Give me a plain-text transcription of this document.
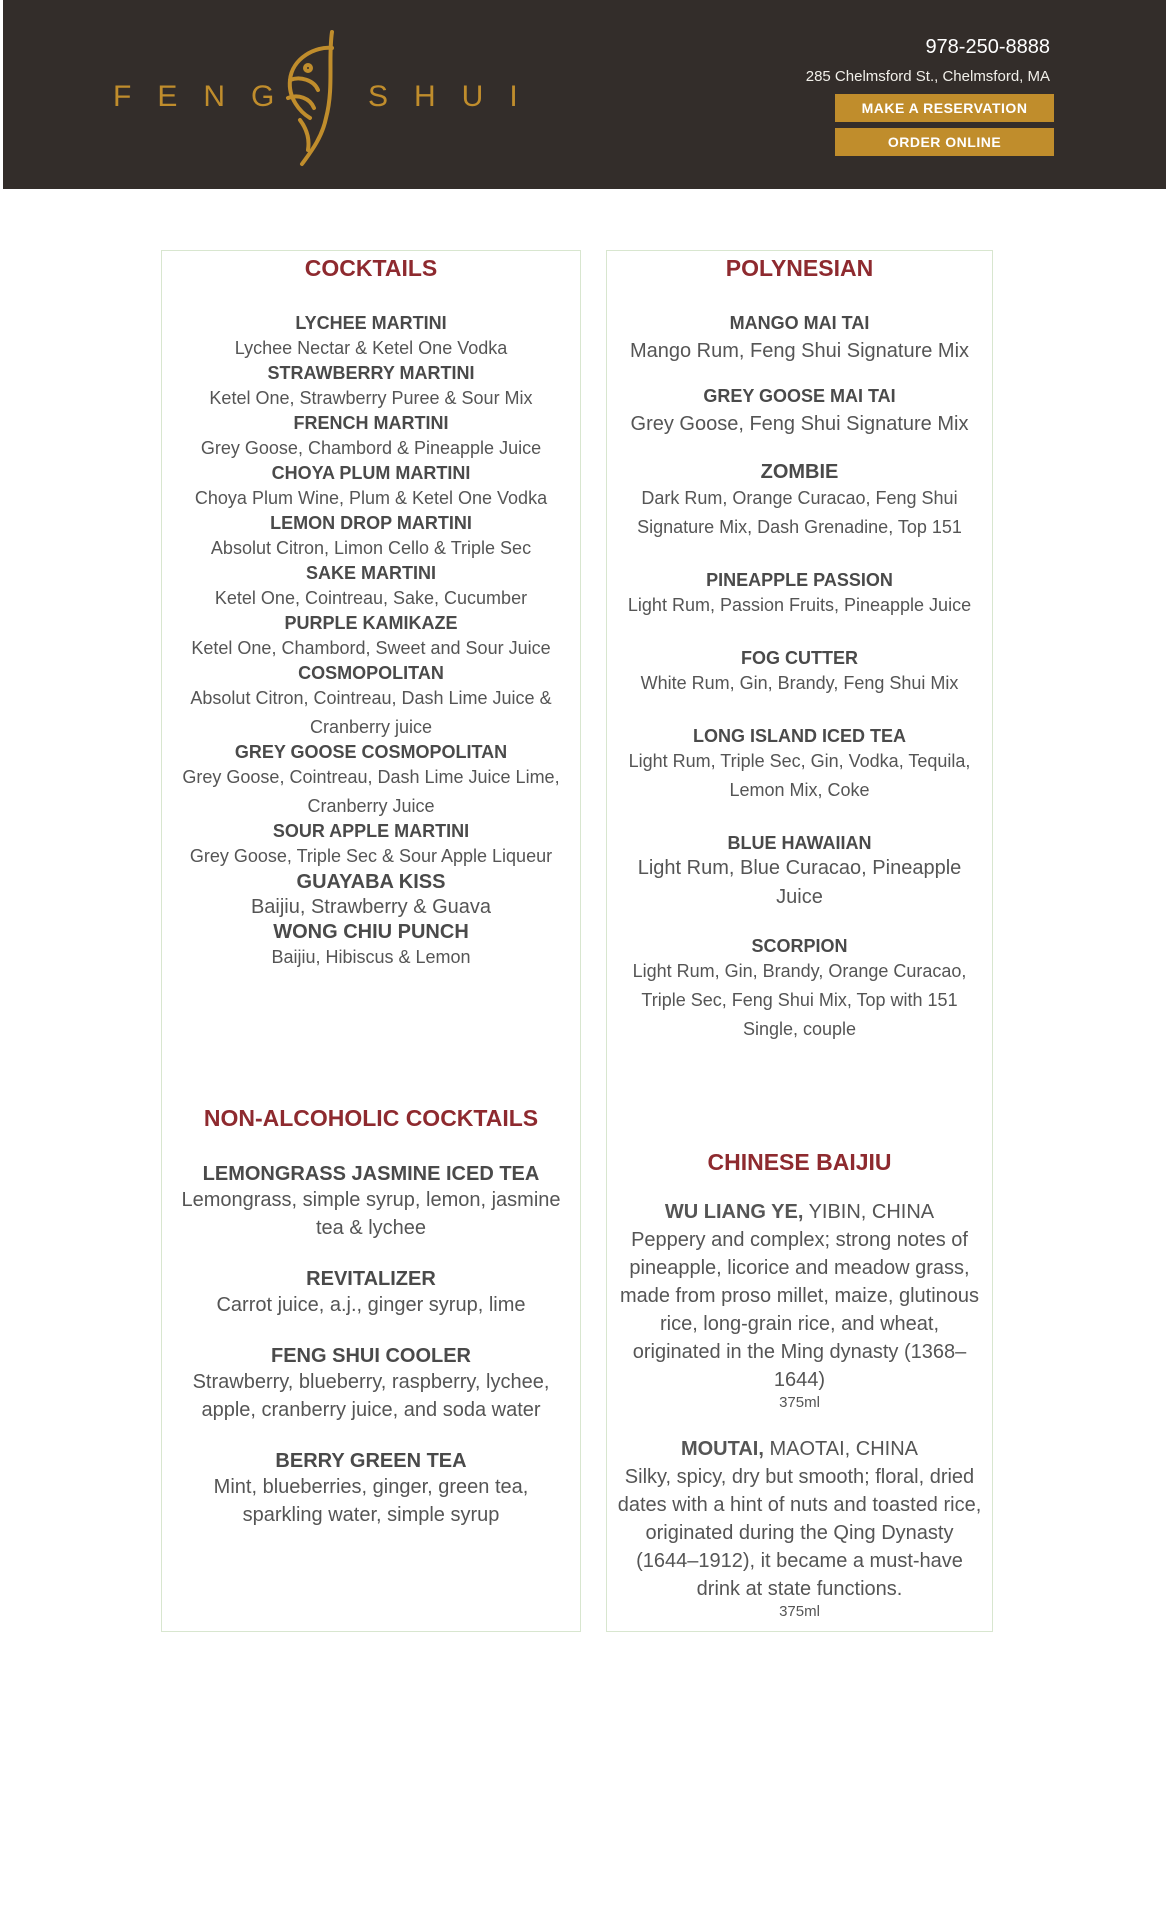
FENG SHUI
978-250-8888
285 Chelmsford St., Chelmsford, MA
MAKE A RESERVATION
ORDER ONLINE
COCKTAILS
LYCHEE MARTINI
Lychee Nectar & Ketel One Vodka
STRAWBERRY MARTINI
Ketel One, Strawberry Puree & Sour Mix
FRENCH MARTINI
Grey Goose, Chambord & Pineapple Juice
CHOYA PLUM MARTINI
Choya Plum Wine, Plum & Ketel One Vodka
LEMON DROP MARTINI
Absolut Citron, Limon Cello & Triple Sec
SAKE MARTINI
Ketel One, Cointreau, Sake, Cucumber
PURPLE KAMIKAZE
Ketel One, Chambord, Sweet and Sour Juice
COSMOPOLITAN
Absolut Citron, Cointreau, Dash Lime Juice & Cranberry juice
GREY GOOSE COSMOPOLITAN
Grey Goose, Cointreau, Dash Lime Juice Lime, Cranberry Juice
SOUR APPLE MARTINI
Grey Goose, Triple Sec & Sour Apple Liqueur
GUAYABA KISS
Baijiu, Strawberry & Guava
WONG CHIU PUNCH
Baijiu, Hibiscus & Lemon
NON-ALCOHOLIC COCKTAILS
LEMONGRASS JASMINE ICED TEA
Lemongrass, simple syrup, lemon, jasmine tea & lychee
REVITALIZER
Carrot juice, a.j., ginger syrup, lime
FENG SHUI COOLER
Strawberry, blueberry, raspberry, lychee, apple, cranberry juice, and soda water
BERRY GREEN TEA
Mint, blueberries, ginger, green tea, sparkling water, simple syrup
POLYNESIAN
MANGO MAI TAI
Mango Rum, Feng Shui Signature Mix
GREY GOOSE MAI TAI
Grey Goose, Feng Shui Signature Mix
ZOMBIE
Dark Rum, Orange Curacao, Feng Shui Signature Mix, Dash Grenadine, Top 151
PINEAPPLE PASSION
Light Rum, Passion Fruits, Pineapple Juice
FOG CUTTER
White Rum, Gin, Brandy, Feng Shui Mix
LONG ISLAND ICED TEA
Light Rum, Triple Sec, Gin, Vodka, Tequila, Lemon Mix, Coke
BLUE HAWAIIAN
Light Rum, Blue Curacao, Pineapple Juice
SCORPION
Light Rum, Gin, Brandy, Orange Curacao, Triple Sec, Feng Shui Mix, Top with 151
Single, couple
CHINESE BAIJIU
WU LIANG YE, YIBIN, CHINA
Peppery and complex; strong notes of pineapple, licorice and meadow grass, made from proso millet, maize, glutinous rice, long-grain rice, and wheat, originated in the Ming dynasty (1368–1644)
375ml
MOUTAI, MAOTAI, CHINA
Silky, spicy, dry but smooth; floral, dried dates with a hint of nuts and toasted rice, originated during the Qing Dynasty (1644–1912), it became a must-have drink at state functions.
375ml
